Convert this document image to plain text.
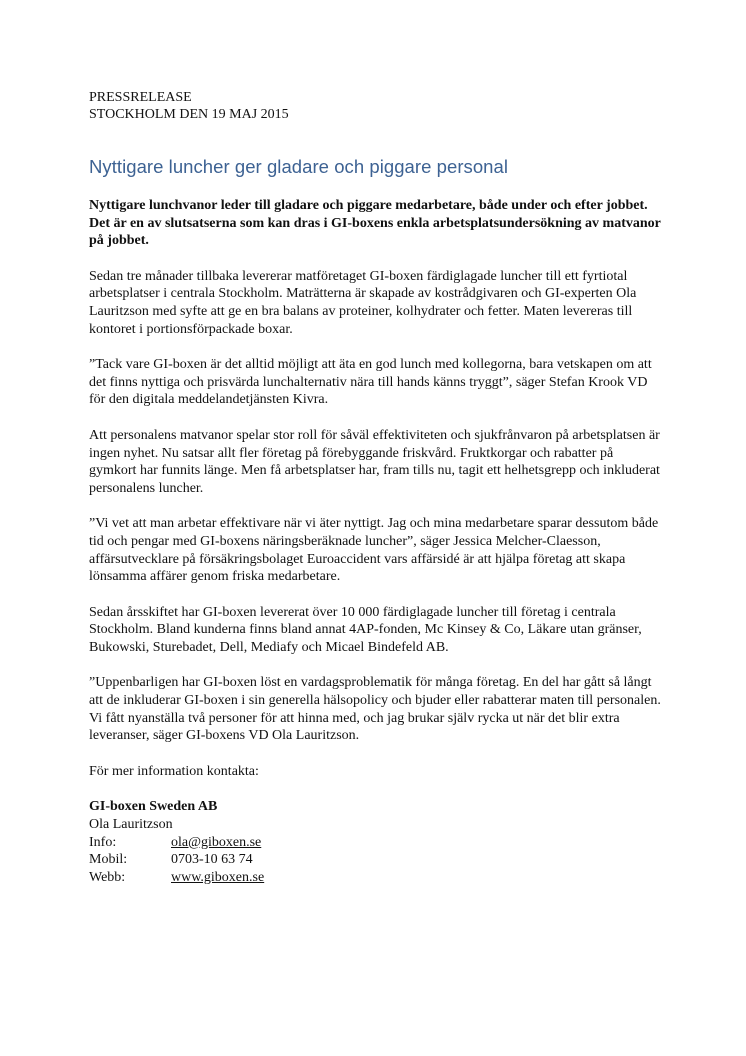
PRESSRELEASE

STOCKHOLM DEN 19 MAJ 2015

Nyttigare luncher ger gladare och piggare personal

Nyttigare lunchvanor leder till gladare och piggare medarbetare, både under och efter jobbet. Det är en av slutsatserna som kan dras i GI-boxens enkla arbetsplatsundersökning av matvanor på jobbet.

Sedan tre månader tillbaka levererar matföretaget GI-boxen färdiglagade luncher till ett fyrtiotal arbetsplatser i centrala Stockholm. Maträtterna är skapade av kostrådgivaren och GI-experten Ola Lauritzson med syfte att ge en bra balans av proteiner, kolhydrater och fetter. Maten levereras till kontoret i portionsförpackade boxar.

”Tack vare GI-boxen är det alltid möjligt att äta en god lunch med kollegorna, bara vetskapen om att det finns nyttiga och prisvärda lunchalternativ nära till hands känns tryggt”, säger Stefan Krook VD för den digitala meddelandetjänsten Kivra.

Att personalens matvanor spelar stor roll för såväl effektiviteten och sjukfrånvaron på arbetsplatsen är ingen nyhet. Nu satsar allt fler företag på förebyggande friskvård. Fruktkorgar och rabatter på gymkort har funnits länge. Men få arbetsplatser har, fram tills nu, tagit ett helhetsgrepp och inkluderat personalens luncher.

”Vi vet att man arbetar effektivare när vi äter nyttigt. Jag och mina medarbetare sparar dessutom både tid och pengar med GI-boxens näringsberäknade luncher”, säger Jessica Melcher-Claesson, affärsutvecklare på försäkringsbolaget Euroaccident vars affärsidé är att hjälpa företag att skapa lönsamma affärer genom friska medarbetare.

Sedan årsskiftet har GI-boxen levererat över 10 000 färdiglagade luncher till företag i centrala Stockholm. Bland kunderna finns bland annat 4AP-fonden, Mc Kinsey & Co, Läkare utan gränser, Bukowski, Sturebadet, Dell, Mediafy och Micael Bindefeld AB.

”Uppenbarligen har GI-boxen löst en vardagsproblematik för många företag. En del har gått så långt att de inkluderar GI-boxen i sin generella hälsopolicy och bjuder eller rabatterar maten till personalen. Vi fått nyanställa två personer för att hinna med, och jag brukar själv rycka ut när det blir extra leveranser, säger GI-boxens VD Ola Lauritzson.

För mer information kontakta:

GI-boxen Sweden AB

Ola Lauritzson

Info:	ola@giboxen.se
Mobil:	0703-10 63 74
Webb:	www.giboxen.se
